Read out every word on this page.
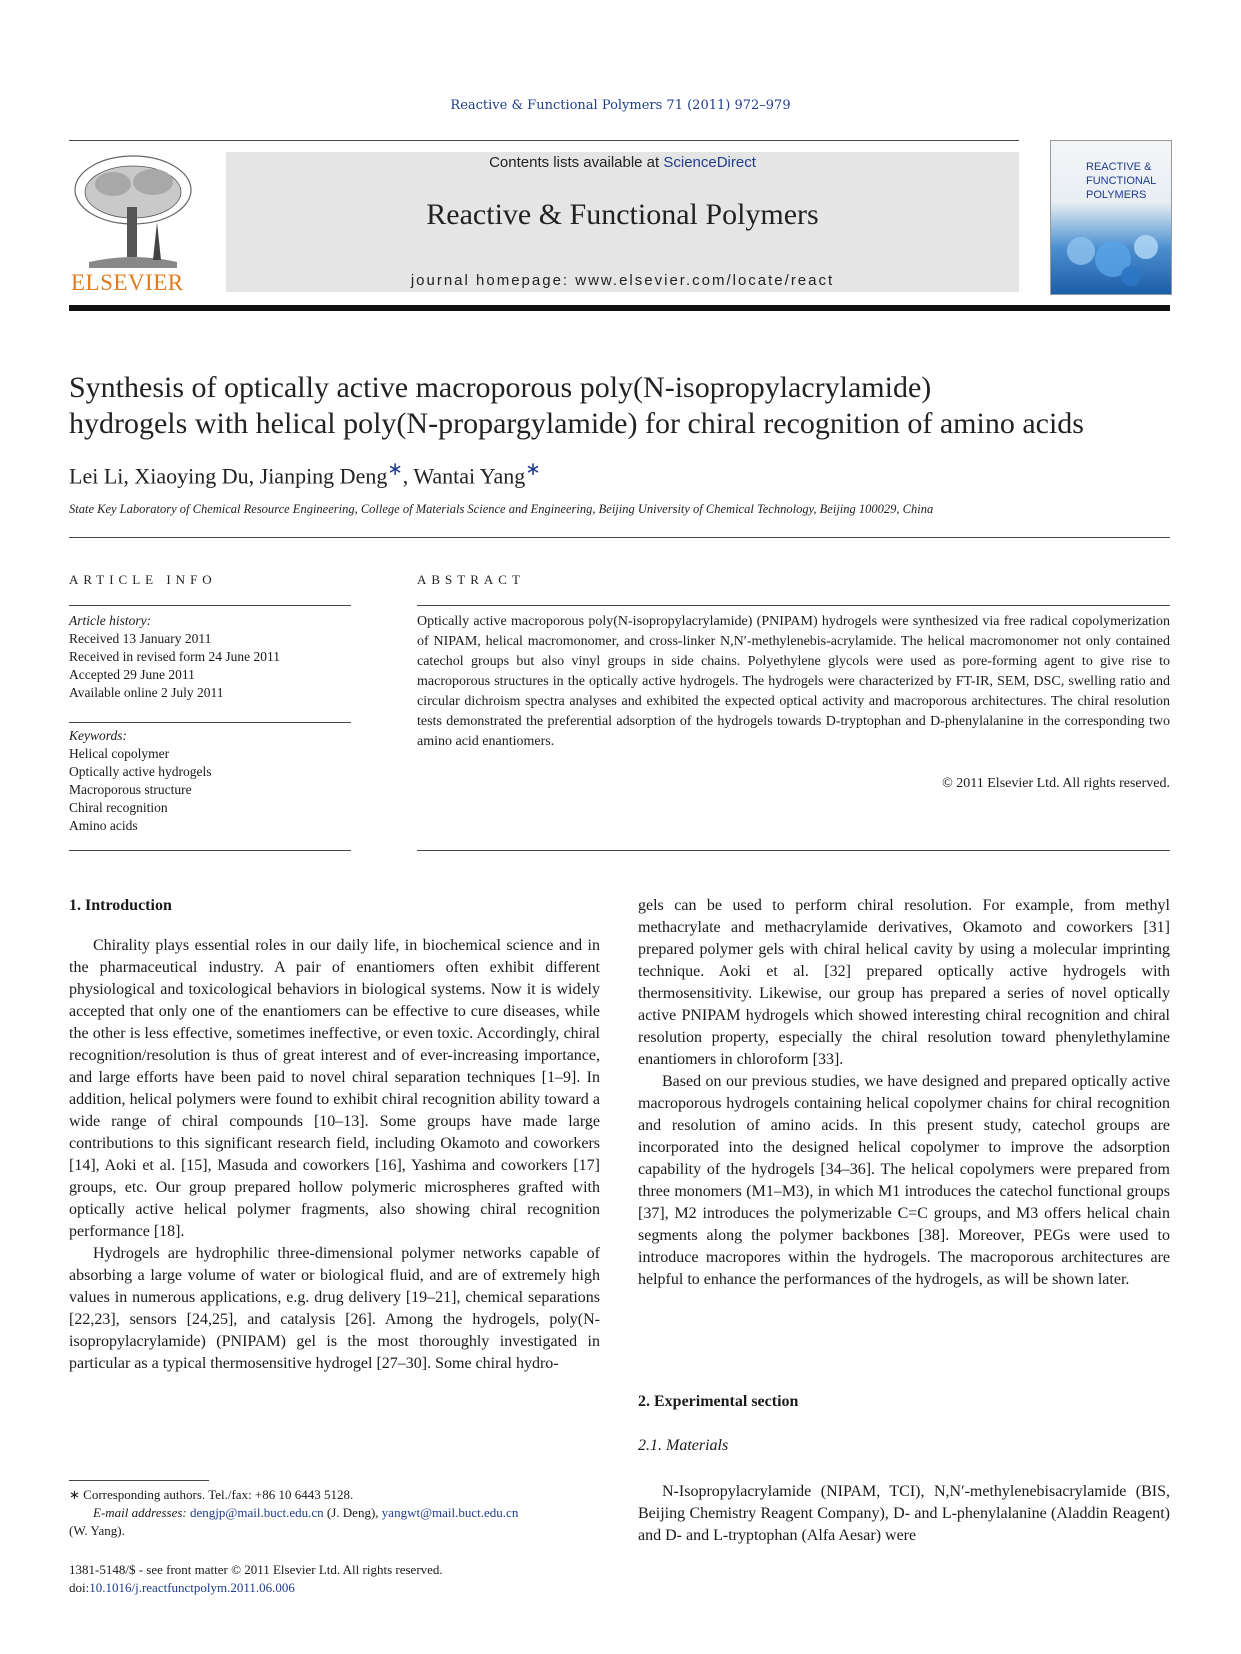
Reactive & Functional Polymers 71 (2011) 972–979
ELSEVIER
Contents lists available at ScienceDirect
Reactive & Functional Polymers
journal homepage: www.elsevier.com/locate/react
REACTIVE &
FUNCTIONAL
POLYMERS
Synthesis of optically active macroporous poly(N-isopropylacrylamide)
hydrogels with helical poly(N-propargylamide) for chiral recognition of amino acids
Lei Li, Xiaoying Du, Jianping Deng∗, Wantai Yang∗
State Key Laboratory of Chemical Resource Engineering, College of Materials Science and Engineering, Beijing University of Chemical Technology, Beijing 100029, China
ARTICLE INFO	ABSTRACT
Article history:
Received 13 January 2011
Received in revised form 24 June 2011
Accepted 29 June 2011
Available online 2 July 2011
Keywords:
Helical copolymer
Optically active hydrogels
Macroporous structure
Chiral recognition
Amino acids
Optically active macroporous poly(N-isopropylacrylamide) (PNIPAM) hydrogels were synthesized via free radical copolymerization of NIPAM, helical macromonomer, and cross-linker N,N′-methylenebis-acrylamide. The helical macromonomer not only contained catechol groups but also vinyl groups in side chains. Polyethylene glycols were used as pore-forming agent to give rise to macroporous structures in the optically active hydrogels. The hydrogels were characterized by FT-IR, SEM, DSC, swelling ratio and circular dichroism spectra analyses and exhibited the expected optical activity and macroporous architectures. The chiral resolution tests demonstrated the preferential adsorption of the hydrogels towards D-tryptophan and D-phenylalanine in the corresponding two amino acid enantiomers.
© 2011 Elsevier Ltd. All rights reserved.
1. Introduction

Chirality plays essential roles in our daily life, in biochemical science and in the pharmaceutical industry. A pair of enantiomers often exhibit different physiological and toxicological behaviors in biological systems. Now it is widely accepted that only one of the enantiomers can be effective to cure diseases, while the other is less effective, sometimes ineffective, or even toxic. Accordingly, chiral recognition/resolution is thus of great interest and of ever-increasing importance, and large efforts have been paid to novel chiral separation techniques [1–9]. In addition, helical polymers were found to exhibit chiral recognition ability toward a wide range of chiral compounds [10–13]. Some groups have made large contributions to this significant research field, including Okamoto and coworkers [14], Aoki et al. [15], Masuda and coworkers [16], Yashima and coworkers [17] groups, etc. Our group prepared hollow polymeric microspheres grafted with optically active helical polymer fragments, also showing chiral recognition performance [18].

Hydrogels are hydrophilic three-dimensional polymer networks capable of absorbing a large volume of water or biological fluid, and are of extremely high values in numerous applications, e.g. drug delivery [19–21], chemical separations [22,23], sensors [24,25], and catalysis [26]. Among the hydrogels, poly(N-isopropylacrylamide) (PNIPAM) gel is the most thoroughly investigated in particular as a typical thermosensitive hydrogel [27–30]. Some chiral hydro-

gels can be used to perform chiral resolution. For example, from methyl methacrylate and methacrylamide derivatives, Okamoto and coworkers [31] prepared polymer gels with chiral helical cavity by using a molecular imprinting technique. Aoki et al. [32] prepared optically active hydrogels with thermosensitivity. Likewise, our group has prepared a series of novel optically active PNIPAM hydrogels which showed interesting chiral recognition and chiral resolution property, especially the chiral resolution toward phenylethylamine enantiomers in chloroform [33].

Based on our previous studies, we have designed and prepared optically active macroporous hydrogels containing helical copolymer chains for chiral recognition and resolution of amino acids. In this present study, catechol groups are incorporated into the designed helical copolymer to improve the adsorption capability of the hydrogels [34–36]. The helical copolymers were prepared from three monomers (M1–M3), in which M1 introduces the catechol functional groups [37], M2 introduces the polymerizable C=C groups, and M3 offers helical chain segments along the polymer backbones [38]. Moreover, PEGs were used to introduce macropores within the hydrogels. The macroporous architectures are helpful to enhance the performances of the hydrogels, as will be shown later.

2. Experimental section
2.1. Materials

N-Isopropylacrylamide (NIPAM, TCI), N,N′-methylenebisacrylamide (BIS, Beijing Chemistry Reagent Company), D- and L-phenylalanine (Aladdin Reagent) and D- and L-tryptophan (Alfa Aesar) were

∗ Corresponding authors. Tel./fax: +86 10 6443 5128.
E-mail addresses: dengjp@mail.buct.edu.cn (J. Deng), yangwt@mail.buct.edu.cn
(W. Yang).
1381-5148/$ - see front matter © 2011 Elsevier Ltd. All rights reserved.
doi:10.1016/j.reactfunctpolym.2011.06.006
